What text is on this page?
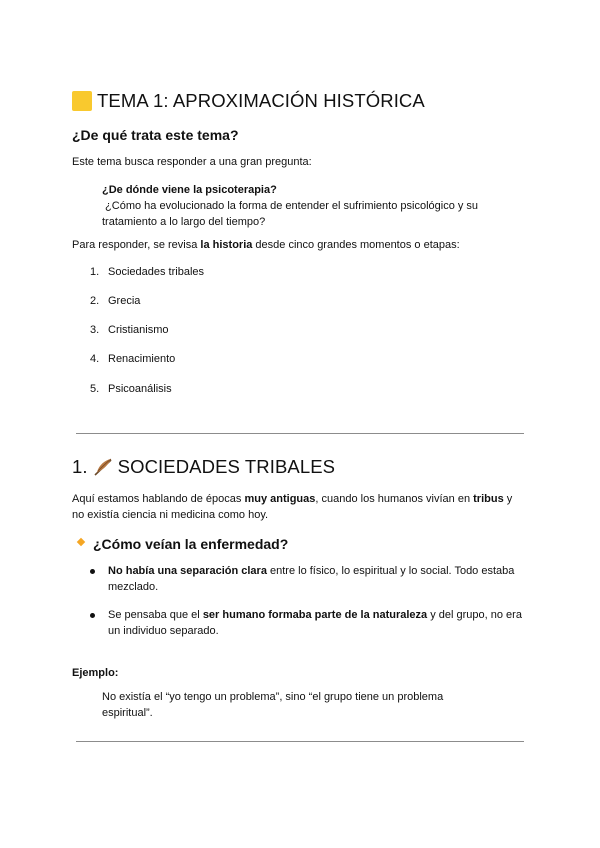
TEMA 1: APROXIMACIÓN HISTÓRICA
¿De qué trata este tema?
Este tema busca responder a una gran pregunta:
¿De dónde viene la psicoterapia?
¿Cómo ha evolucionado la forma de entender el sufrimiento psicológico y su
tratamiento a lo largo del tiempo?
Para responder, se revisa la historia desde cinco grandes momentos o etapas:
1. Sociedades tribales
2. Grecia
3. Cristianismo
4. Renacimiento
5. Psicoanálisis
1. SOCIEDADES TRIBALES
Aquí estamos hablando de épocas muy antiguas, cuando los humanos vivían en tribus y
no existía ciencia ni medicina como hoy.
¿Cómo veían la enfermedad?
No había una separación clara entre lo físico, lo espiritual y lo social. Todo estaba
mezclado.
Se pensaba que el ser humano formaba parte de la naturaleza y del grupo, no era
un individuo separado.
Ejemplo:
No existía el “yo tengo un problema”, sino “el grupo tiene un problema
espiritual”.
